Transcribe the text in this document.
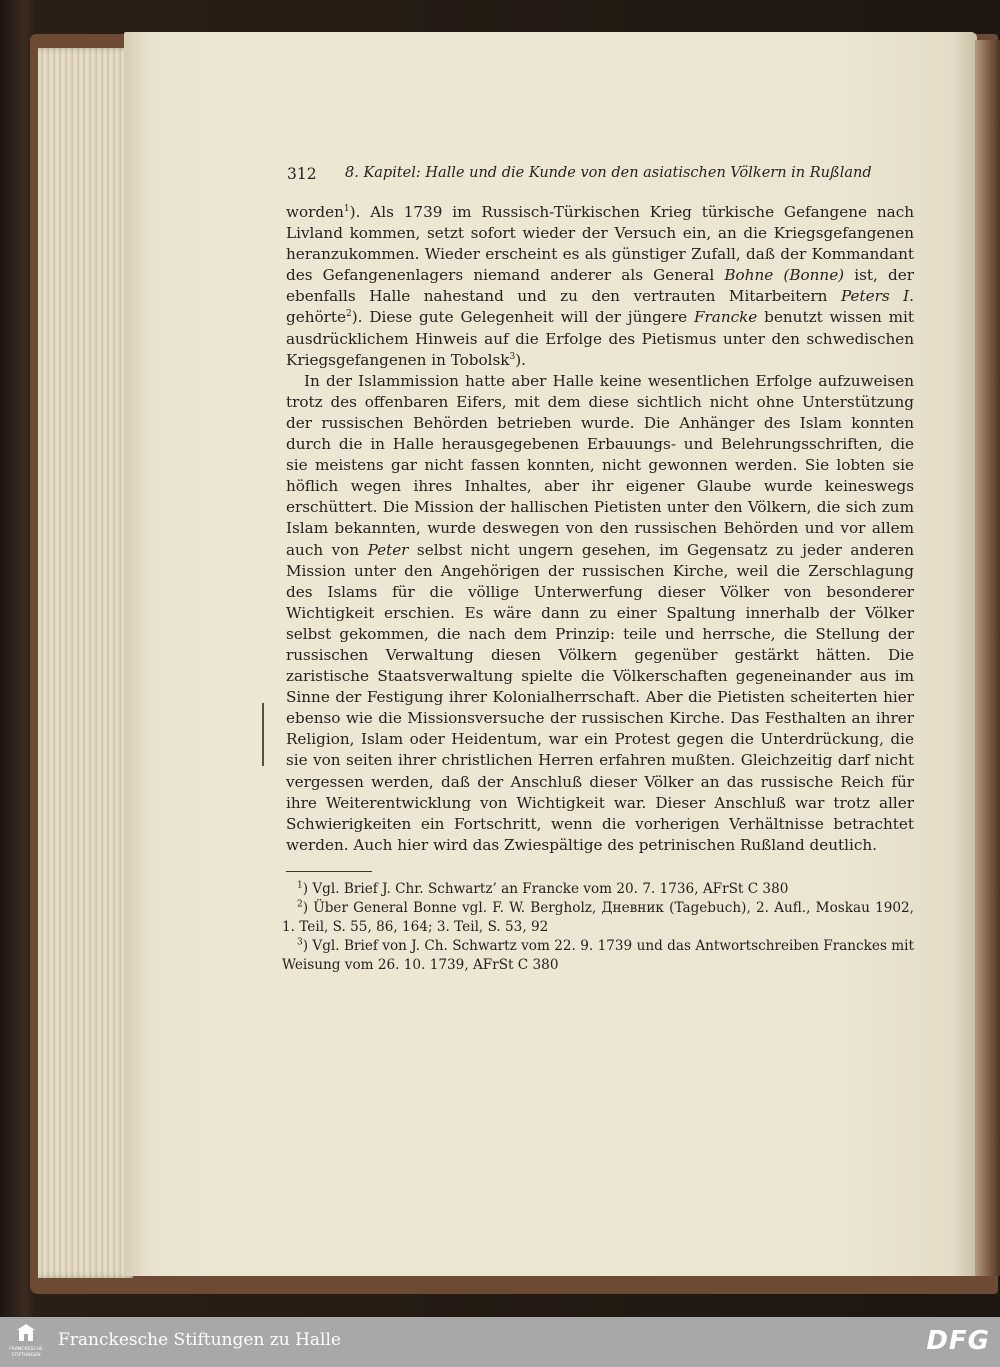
312 8. Kapitel: Halle und die Kunde von den asiatischen Völkern in Rußland

worden$^1$). Als 1739 im Russisch-Türkischen Krieg türkische Gefangene nach Livland kommen, setzt sofort wieder der Versuch ein, an die Kriegsgefangenen heranzukommen. Wieder erscheint es als günstiger Zufall, daß der Kommandant des Gefangenenlagers niemand anderer als General Bohne (Bonne) ist, der ebenfalls Halle nahestand und zu den vertrauten Mitarbeitern Peters I. gehörte$^2$). Diese gute Gelegenheit will der jüngere Francke benutzt wissen mit ausdrücklichem Hinweis auf die Erfolge des Pietismus unter den schwedischen Kriegsgefangenen in Tobolsk$^3$).

In der Islammission hatte aber Halle keine wesentlichen Erfolge aufzuweisen trotz des offenbaren Eifers, mit dem diese sichtlich nicht ohne Unterstützung der russischen Behörden betrieben wurde. Die Anhänger des Islam konnten durch die in Halle herausgegebenen Erbauungs- und Belehrungsschriften, die sie meistens gar nicht fassen konnten, nicht gewonnen werden. Sie lobten sie höflich wegen ihres Inhaltes, aber ihr eigener Glaube wurde keineswegs erschüttert. Die Mission der hallischen Pietisten unter den Völkern, die sich zum Islam bekannten, wurde deswegen von den russischen Behörden und vor allem auch von Peter selbst nicht ungern gesehen, im Gegensatz zu jeder anderen Mission unter den Angehörigen der russischen Kirche, weil die Zerschlagung des Islams für die völlige Unterwerfung dieser Völker von besonderer Wichtigkeit erschien. Es wäre dann zu einer Spaltung innerhalb der Völker selbst gekommen, die nach dem Prinzip: teile und herrsche, die Stellung der russischen Verwaltung diesen Völkern gegenüber gestärkt hätten. Die zaristische Staatsverwaltung spielte die Völkerschaften gegeneinander aus im Sinne der Festigung ihrer Kolonialherrschaft. Aber die Pietisten scheiterten hier ebenso wie die Missionsversuche der russischen Kirche. Das Festhalten an ihrer Religion, Islam oder Heidentum, war ein Protest gegen die Unterdrückung, die sie von seiten ihrer christlichen Herren erfahren mußten. Gleichzeitig darf nicht vergessen werden, daß der Anschluß dieser Völker an das russische Reich für ihre Weiterentwicklung von Wichtigkeit war. Dieser Anschluß war trotz aller Schwierigkeiten ein Fortschritt, wenn die vorherigen Verhältnisse betrachtet werden. Auch hier wird das Zwiespältige des petrinischen Rußland deutlich.

$^1$) Vgl. Brief J. Chr. Schwartz’ an Francke vom 20. 7. 1736, AFrSt C 380

$^2$) Über General Bonne vgl. F. W. Bergholz, Дневник (Tagebuch), 2. Aufl., Moskau 1902, 1. Teil, S. 55, 86, 164; 3. Teil, S. 53, 92

$^3$) Vgl. Brief von J. Ch. Schwartz vom 22. 9. 1739 und das Antwortschreiben Franckes mit Weisung vom 26. 10. 1739, AFrSt C 380

FRANCKESCHE STIFTUNGEN
Franckesche Stiftungen zu Halle	DFG
